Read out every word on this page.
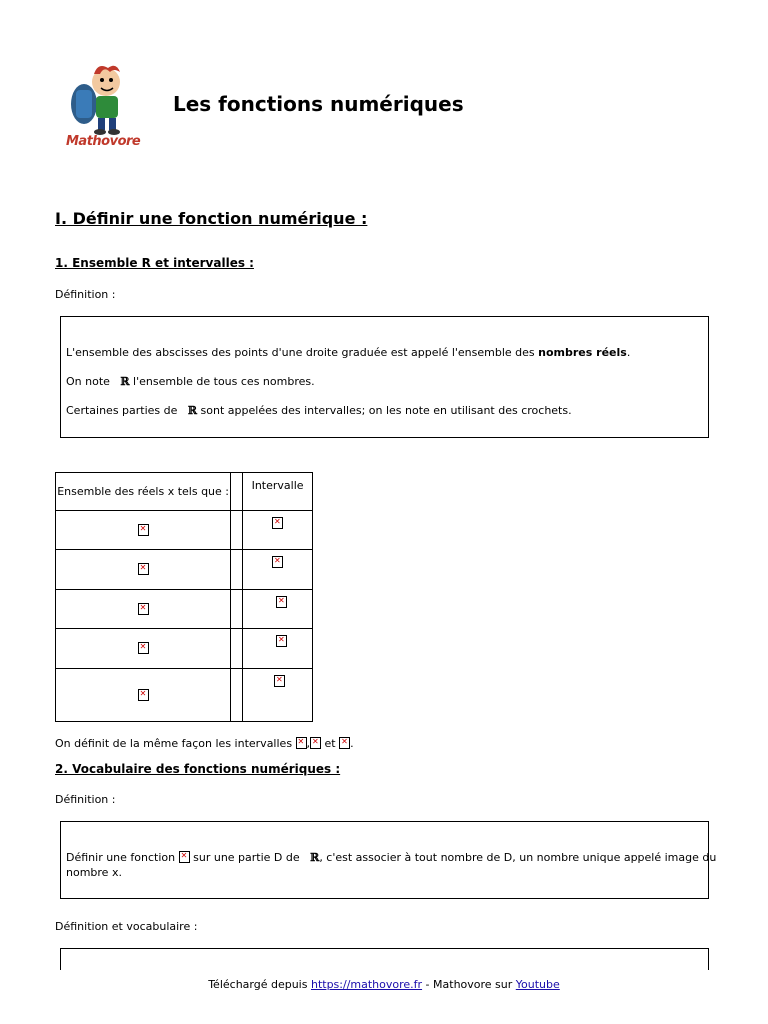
Mathovore
Les fonctions numériques
I. Définir une fonction numérique :
1. Ensemble R et intervalles :
Définition :
L'ensemble des abscisses des points d'une droite graduée est appelé l'ensemble des nombres réels.
On note   ℝ l'ensemble de tous ces nombres.
Certaines parties de   ℝ sont appelées des intervalles; on les note en utilisant des crochets.
Ensemble des réels x tels que :		Intervalle
✕		✕
✕		✕
✕		✕
✕		✕
✕		✕
On définit de la même façon les intervalles ✕,✕ et ✕.
2. Vocabulaire des fonctions numériques :
Définition :
Définir une fonction ✕ sur une partie D de   ℝ, c'est associer à tout nombre de D, un nombre unique appelé image du
nombre x.
Définition et vocabulaire :
Téléchargé depuis https://mathovore.fr - Mathovore sur Youtube
